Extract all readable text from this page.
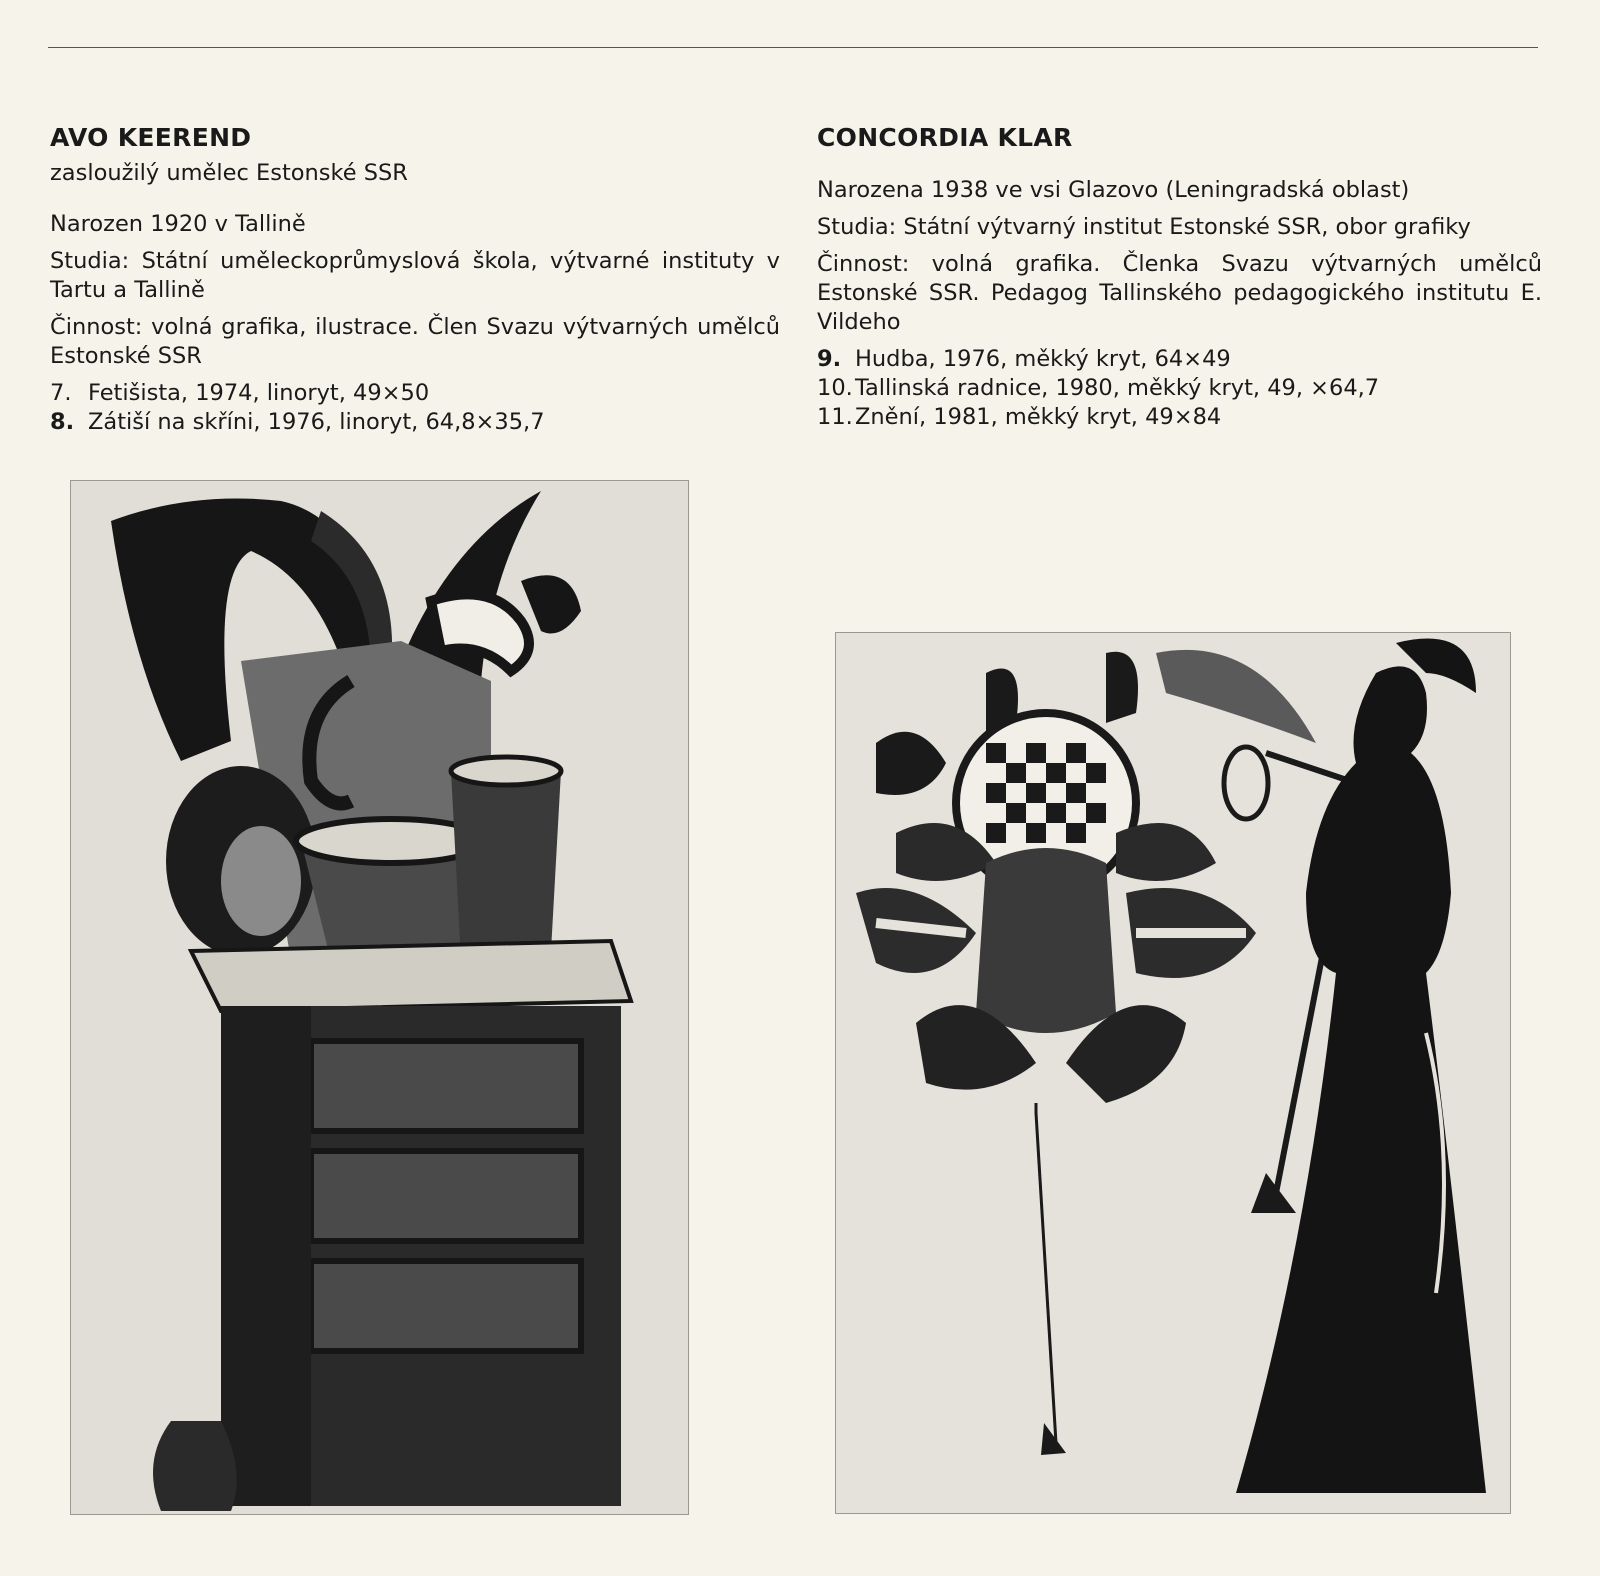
AVO KEEREND
zasloužilý umělec Estonské SSR

Narozen 1920 v Tallině

Studia: Státní uměleckoprůmyslová škola, výtvarné instituty v Tartu a Tallině

Činnost: volná grafika, ilustrace. Člen Svazu výtvarných umělců Estonské SSR

7. Fetišista, 1974, linoryt, 49×50
8. Zátiší na skříni, 1976, linoryt, 64,8×35,7
CONCORDIA KLAR

Narozena 1938 ve vsi Glazovo (Leningradská oblast)

Studia: Státní výtvarný institut Estonské SSR, obor grafiky

Činnost: volná grafika. Členka Svazu výtvarných umělců Estonské SSR. Pedagog Tallinského pedagogického institutu E. Vildeho

9. Hudba, 1976, měkký kryt, 64×49
10.Tallinská radnice, 1980, měkký kryt, 49, ×64,7
11.Znění, 1981, měkký kryt, 49×84
